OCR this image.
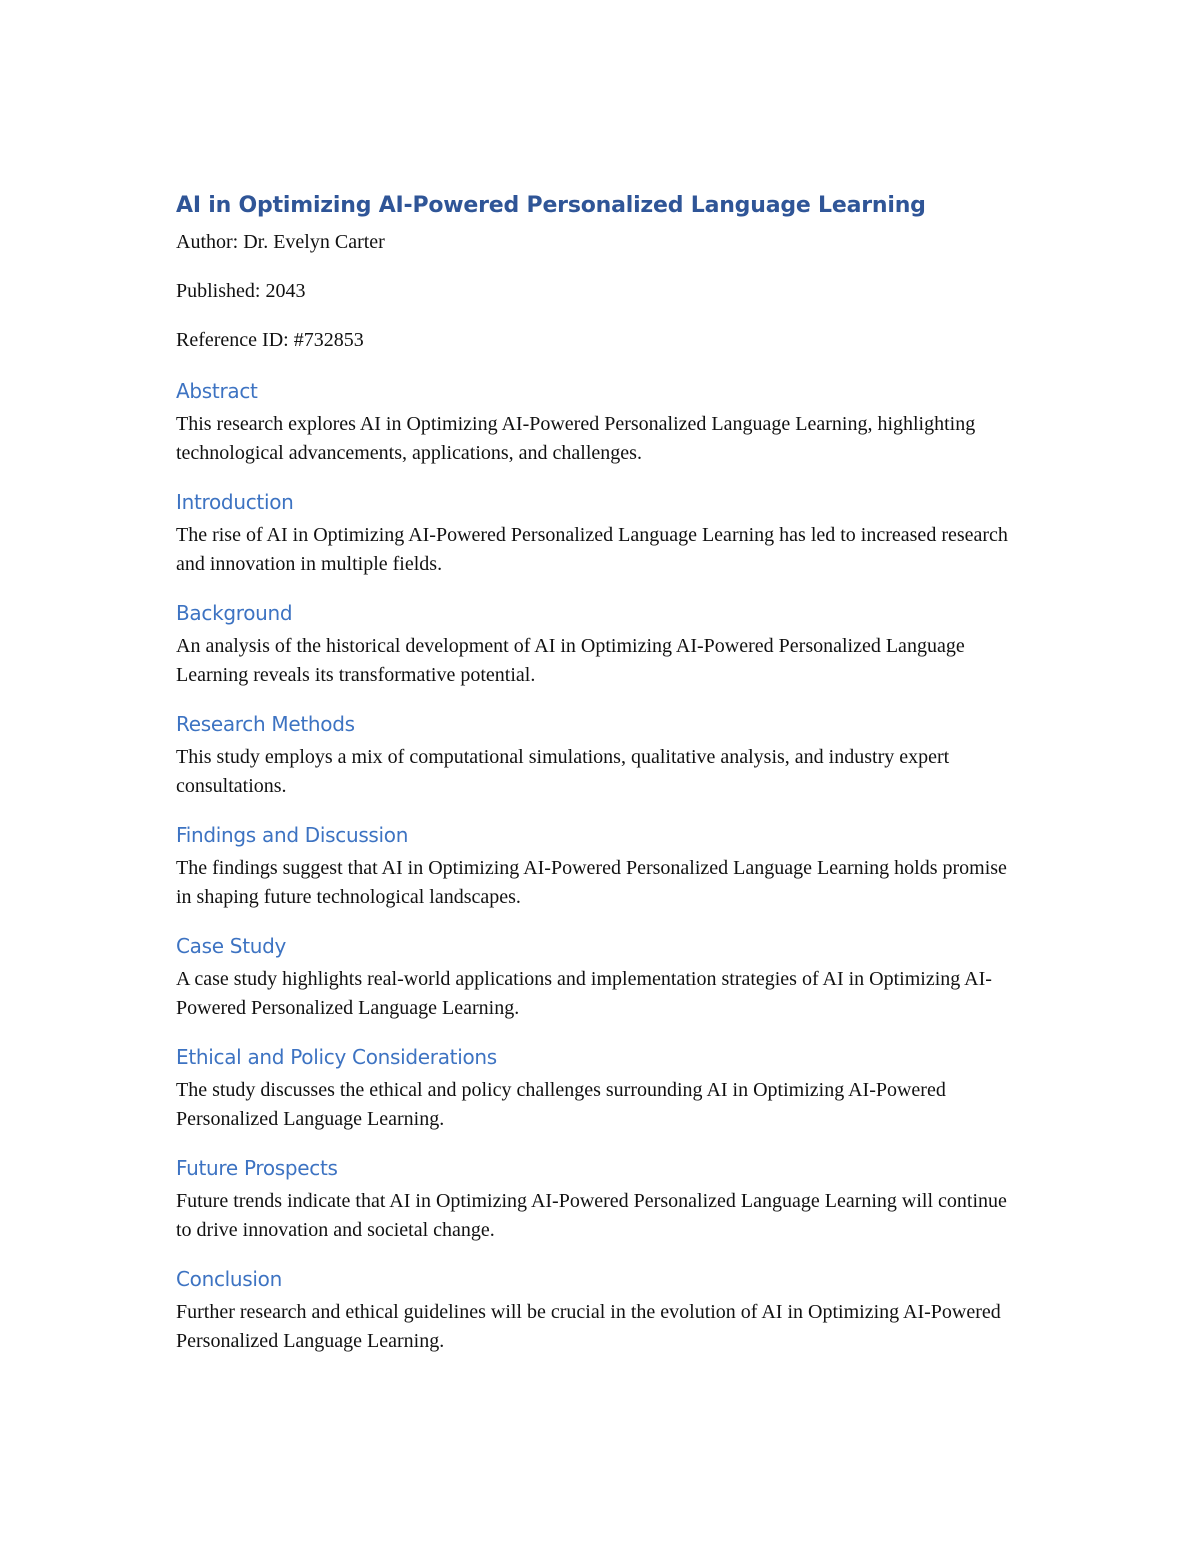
AI in Optimizing AI-Powered Personalized Language Learning

Author: Dr. Evelyn Carter

Published: 2043

Reference ID: #732853

Abstract

This research explores AI in Optimizing AI-Powered Personalized Language Learning, highlighting technological advancements, applications, and challenges.

Introduction

The rise of AI in Optimizing AI-Powered Personalized Language Learning has led to increased research and innovation in multiple fields.

Background

An analysis of the historical development of AI in Optimizing AI-Powered Personalized Language Learning reveals its transformative potential.

Research Methods

This study employs a mix of computational simulations, qualitative analysis, and industry expert consultations.

Findings and Discussion

The findings suggest that AI in Optimizing AI-Powered Personalized Language Learning holds promise in shaping future technological landscapes.

Case Study

A case study highlights real-world applications and implementation strategies of AI in Optimizing AI-Powered Personalized Language Learning.

Ethical and Policy Considerations

The study discusses the ethical and policy challenges surrounding AI in Optimizing AI-Powered Personalized Language Learning.

Future Prospects

Future trends indicate that AI in Optimizing AI-Powered Personalized Language Learning will continue to drive innovation and societal change.

Conclusion

Further research and ethical guidelines will be crucial in the evolution of AI in Optimizing AI-Powered Personalized Language Learning.
